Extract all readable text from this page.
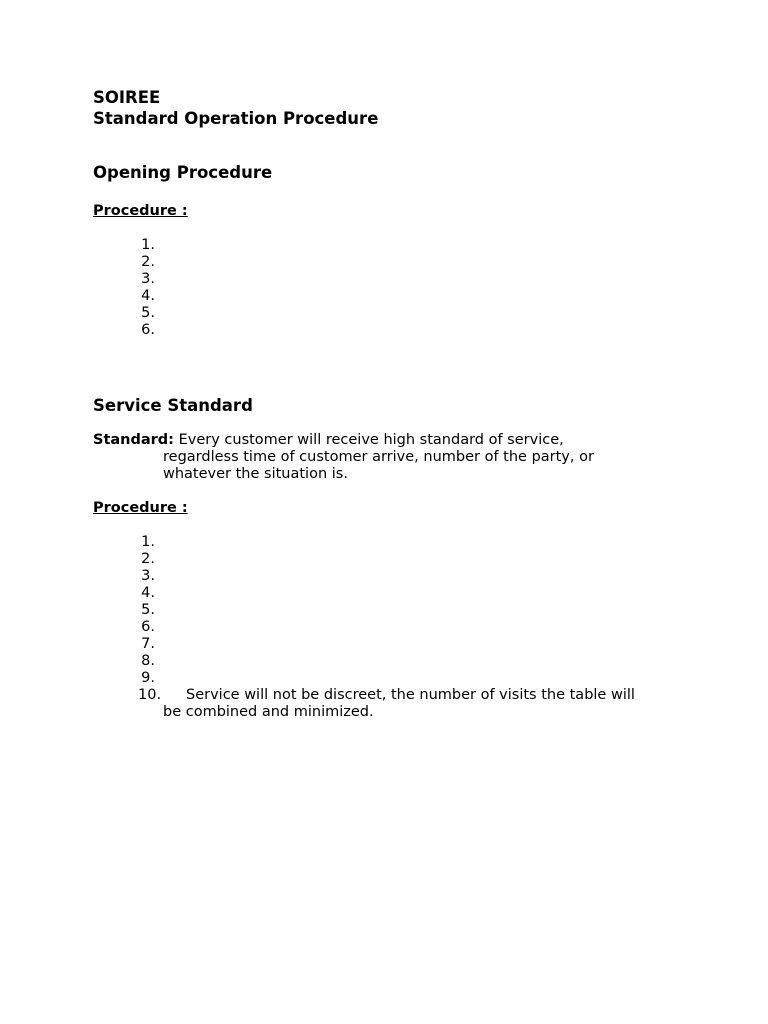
SOIREE
Standard Operation Procedure
Opening Procedure
Procedure :
1.
2.
3.
4.
5.
6.
Service Standard
Standard: Every customer will receive high standard of service,
regardless time of customer arrive, number of the party, or
whatever the situation is.
Procedure :
1.
2.
3.
4.
5.
6.
7.
8.
9.
10. Service will not be discreet, the number of visits the table will
be combined and minimized.
